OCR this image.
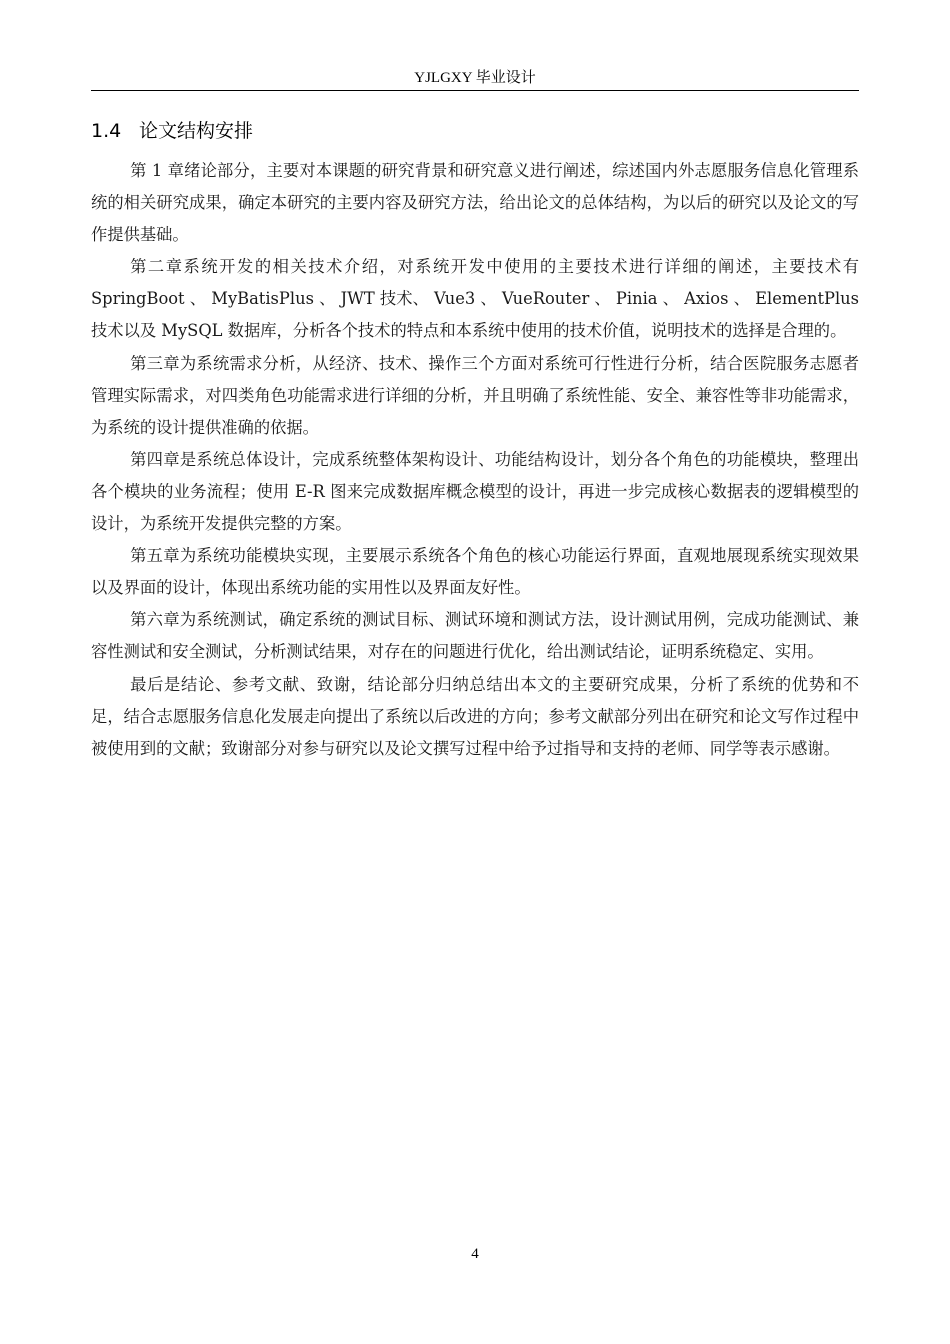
YJLGXY 毕业设计
1.4 论文结构安排

第 1 章绪论部分，主要对本课题的研究背景和研究意义进行阐述，综述国内外志愿服务信息化管理系统的相关研究成果，确定本研究的主要内容及研究方法，给出论文的总体结构，为以后的研究以及论文的写作提供基础。

第二章系统开发的相关技术介绍，对系统开发中使用的主要技术进行详细的阐述，主要技术有 SpringBoot 、 MyBatisPlus 、 JWT 技术、 Vue3 、 VueRouter 、 Pinia 、 Axios 、 ElementPlus 技术以及 MySQL 数据库，分析各个技术的特点和本系统中使用的技术价值，说明技术的选择是合理的。

第三章为系统需求分析，从经济、技术、操作三个方面对系统可行性进行分析，结合医院服务志愿者管理实际需求，对四类角色功能需求进行详细的分析，并且明确了系统性能、安全、兼容性等非功能需求，为系统的设计提供准确的依据。

第四章是系统总体设计，完成系统整体架构设计、功能结构设计，划分各个角色的功能模块，整理出各个模块的业务流程；使用 E-R 图来完成数据库概念模型的设计，再进一步完成核心数据表的逻辑模型的设计，为系统开发提供完整的方案。

第五章为系统功能模块实现，主要展示系统各个角色的核心功能运行界面，直观地展现系统实现效果以及界面的设计，体现出系统功能的实用性以及界面友好性。

第六章为系统测试，确定系统的测试目标、测试环境和测试方法，设计测试用例，完成功能测试、兼容性测试和安全测试，分析测试结果，对存在的问题进行优化，给出测试结论，证明系统稳定、实用。

最后是结论、参考文献、致谢，结论部分归纳总结出本文的主要研究成果，分析了系统的优势和不足，结合志愿服务信息化发展走向提出了系统以后改进的方向；参考文献部分列出在研究和论文写作过程中被使用到的文献；致谢部分对参与研究以及论文撰写过程中给予过指导和支持的老师、同学等表示感谢。

4
